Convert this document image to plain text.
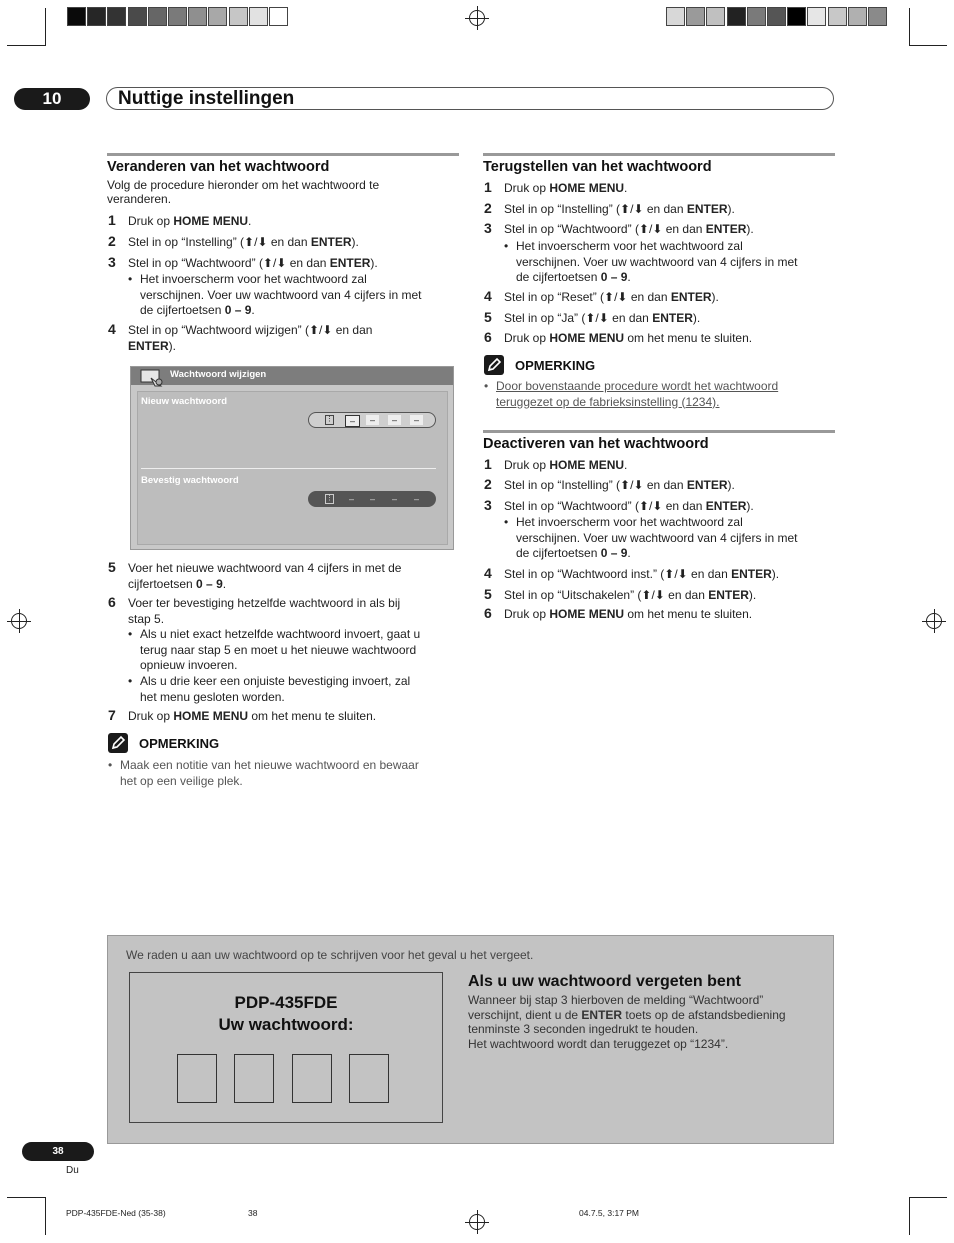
10	Nuttige instellingen
Veranderen van het wachtwoord
Volg de procedure hieronder om het wachtwoord te veranderen.
1 Druk op HOME MENU.
2 Stel in op “Instelling” (⬆/⬇ en dan ENTER).
3 Stel in op “Wachtwoord” (⬆/⬇ en dan ENTER).
• Het invoerscherm voor het wachtwoord zal
verschijnen. Voer uw wachtwoord van 4 cijfers in met
de cijfertoetsen 0 – 9.
4 Stel in op “Wachtwoord wijzigen” (⬆/⬇ en dan
ENTER).
Wachtwoord wijzigen
Nieuw wachtwoord
⋮	–	–	–	–
Bevestig wachtwoord
⋮	–	–	–	–
5 Voer het nieuwe wachtwoord van 4 cijfers in met de
cijfertoetsen 0 – 9.
6 Voer ter bevestiging hetzelfde wachtwoord in als bij
stap 5.
• Als u niet exact hetzelfde wachtwoord invoert, gaat u
terug naar stap 5 en moet u het nieuwe wachtwoord
opnieuw invoeren.
• Als u drie keer een onjuiste bevestiging invoert, zal
het menu gesloten worden.
7 Druk op HOME MENU om het menu te sluiten.
OPMERKING
• Maak een notitie van het nieuwe wachtwoord en bewaar
het op een veilige plek.
Terugstellen van het wachtwoord
1 Druk op HOME MENU.
2 Stel in op “Instelling” (⬆/⬇ en dan ENTER).
3 Stel in op “Wachtwoord” (⬆/⬇ en dan ENTER).
• Het invoerscherm voor het wachtwoord zal
verschijnen. Voer uw wachtwoord van 4 cijfers in met
de cijfertoetsen 0 – 9.
4 Stel in op “Reset” (⬆/⬇ en dan ENTER).
5 Stel in op “Ja” (⬆/⬇ en dan ENTER).
6 Druk op HOME MENU om het menu te sluiten.
OPMERKING
• Door bovenstaande procedure wordt het wachtwoord
teruggezet op de fabrieksinstelling (1234).
Deactiveren van het wachtwoord
1 Druk op HOME MENU.
2 Stel in op “Instelling” (⬆/⬇ en dan ENTER).
3 Stel in op “Wachtwoord” (⬆/⬇ en dan ENTER).
• Het invoerscherm voor het wachtwoord zal
verschijnen. Voer uw wachtwoord van 4 cijfers in met
de cijfertoetsen 0 – 9.
4 Stel in op “Wachtwoord inst.” (⬆/⬇ en dan ENTER).
5 Stel in op “Uitschakelen” (⬆/⬇ en dan ENTER).
6 Druk op HOME MENU om het menu te sluiten.
We raden u aan uw wachtwoord op te schrijven voor het geval u het vergeet.
PDP-435FDE
Uw wachtwoord:
Als u uw wachtwoord vergeten bent
Wanneer bij stap 3 hierboven de melding “Wachtwoord”
verschijnt, dient u de ENTER toets op de afstandsbediening
tenminste 3 seconden ingedrukt te houden.
Het wachtwoord wordt dan teruggezet op “1234”.
38
Du
PDP-435FDE-Ned (35-38)	38	04.7.5, 3:17 PM
